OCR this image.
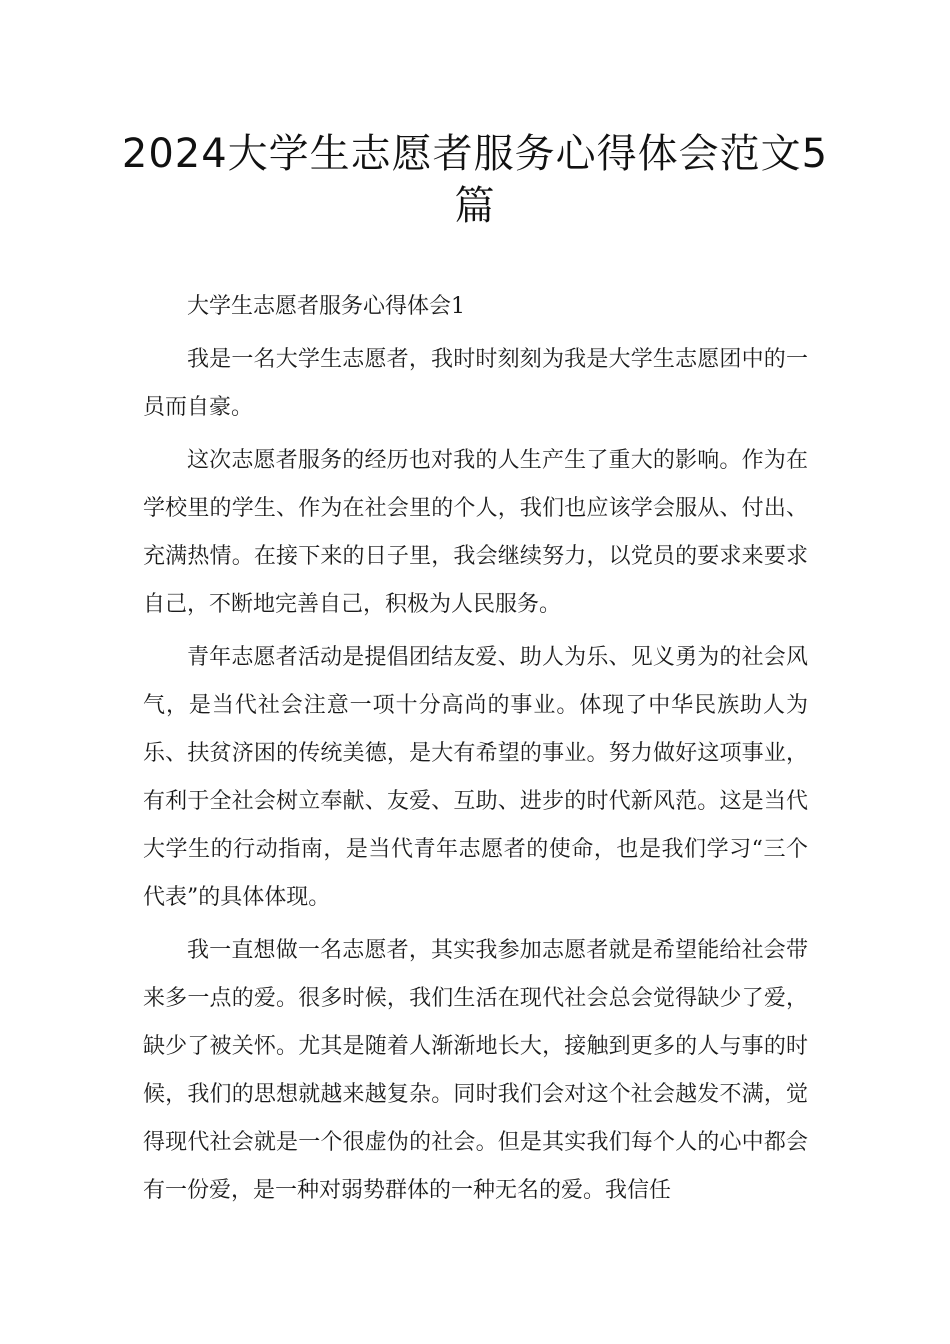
2024大学生志愿者服务心得体会范文5篇

大学生志愿者服务心得体会1

我是一名大学生志愿者，我时时刻刻为我是大学生志愿团中的一员而自豪。

这次志愿者服务的经历也对我的人生产生了重大的影响。作为在学校里的学生、作为在社会里的个人，我们也应该学会服从、付出、充满热情。在接下来的日子里，我会继续努力，以党员的要求来要求自己，不断地完善自己，积极为人民服务。

青年志愿者活动是提倡团结友爱、助人为乐、见义勇为的社会风气，是当代社会注意一项十分高尚的事业。体现了中华民族助人为乐、扶贫济困的传统美德，是大有希望的事业。努力做好这项事业，有利于全社会树立奉献、友爱、互助、进步的时代新风范。这是当代大学生的行动指南，是当代青年志愿者的使命，也是我们学习“三个代表”的具体体现。

我一直想做一名志愿者，其实我参加志愿者就是希望能给社会带来多一点的爱。很多时候，我们生活在现代社会总会觉得缺少了爱，缺少了被关怀。尤其是随着人渐渐地长大，接触到更多的人与事的时候，我们的思想就越来越复杂。同时我们会对这个社会越发不满，觉得现代社会就是一个很虚伪的社会。但是其实我们每个人的心中都会有一份爱，是一种对弱势群体的一种无名的爱。我信任
